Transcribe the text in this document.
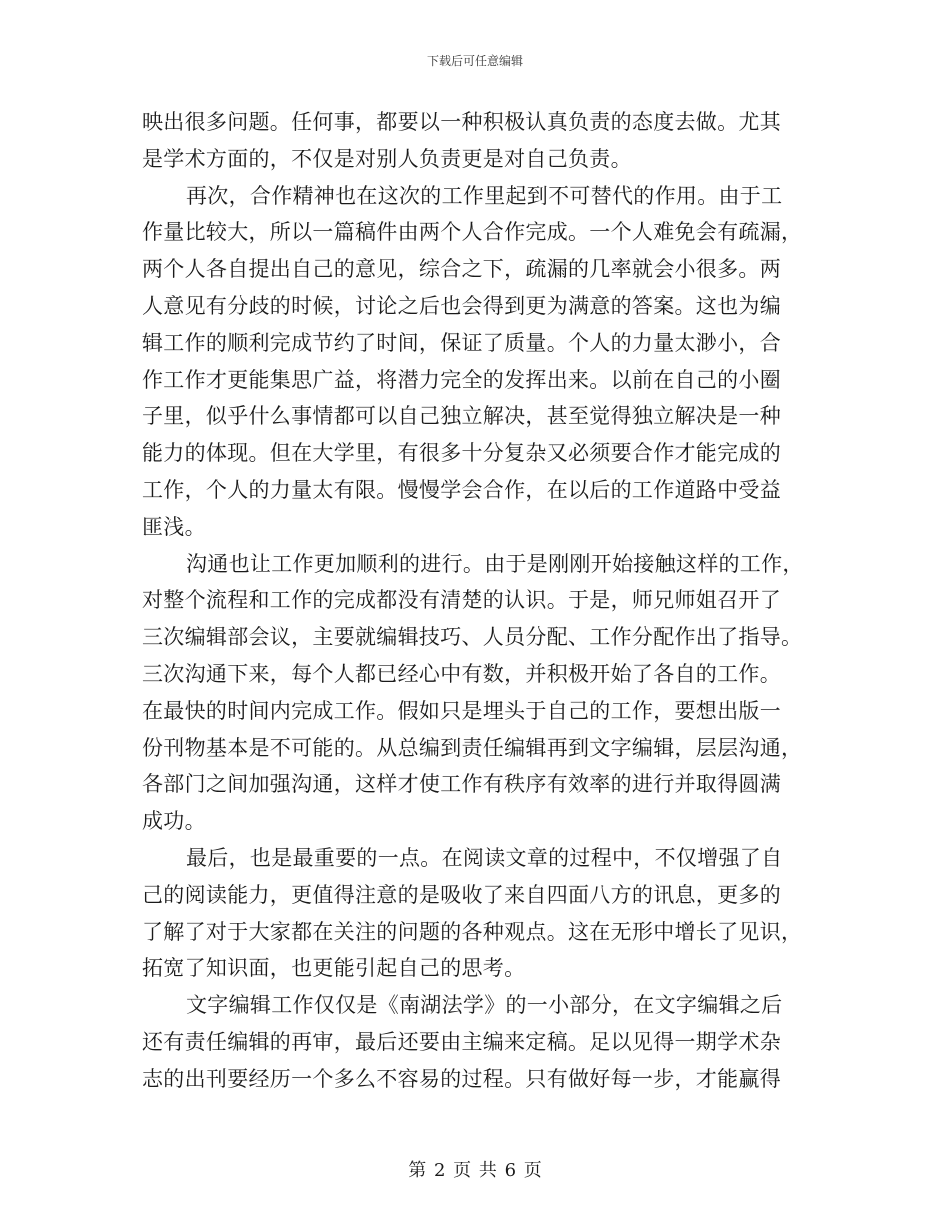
下载后可任意编辑
映出很多问题。任何事，都要以一种积极认真负责的态度去做。尤其
是学术方面的，不仅是对别人负责更是对自己负责。
再次，合作精神也在这次的工作里起到不可替代的作用。由于工
作量比较大，所以一篇稿件由两个人合作完成。一个人难免会有疏漏，
两个人各自提出自己的意见，综合之下，疏漏的几率就会小很多。两
人意见有分歧的时候，讨论之后也会得到更为满意的答案。这也为编
辑工作的顺利完成节约了时间，保证了质量。个人的力量太渺小，合
作工作才更能集思广益，将潜力完全的发挥出来。以前在自己的小圈
子里，似乎什么事情都可以自己独立解决，甚至觉得独立解决是一种
能力的体现。但在大学里，有很多十分复杂又必须要合作才能完成的
工作，个人的力量太有限。慢慢学会合作，在以后的工作道路中受益
匪浅。
沟通也让工作更加顺利的进行。由于是刚刚开始接触这样的工作，
对整个流程和工作的完成都没有清楚的认识。于是，师兄师姐召开了
三次编辑部会议，主要就编辑技巧、人员分配、工作分配作出了指导。
三次沟通下来，每个人都已经心中有数，并积极开始了各自的工作。
在最快的时间内完成工作。假如只是埋头于自己的工作，要想出版一
份刊物基本是不可能的。从总编到责任编辑再到文字编辑，层层沟通，
各部门之间加强沟通，这样才使工作有秩序有效率的进行并取得圆满
成功。
最后，也是最重要的一点。在阅读文章的过程中，不仅增强了自
己的阅读能力，更值得注意的是吸收了来自四面八方的讯息，更多的
了解了对于大家都在关注的问题的各种观点。这在无形中增长了见识，
拓宽了知识面，也更能引起自己的思考。
文字编辑工作仅仅是《南湖法学》的一小部分，在文字编辑之后
还有责任编辑的再审，最后还要由主编来定稿。足以见得一期学术杂
志的出刊要经历一个多么不容易的过程。只有做好每一步，才能赢得
第 2 页 共 6 页
